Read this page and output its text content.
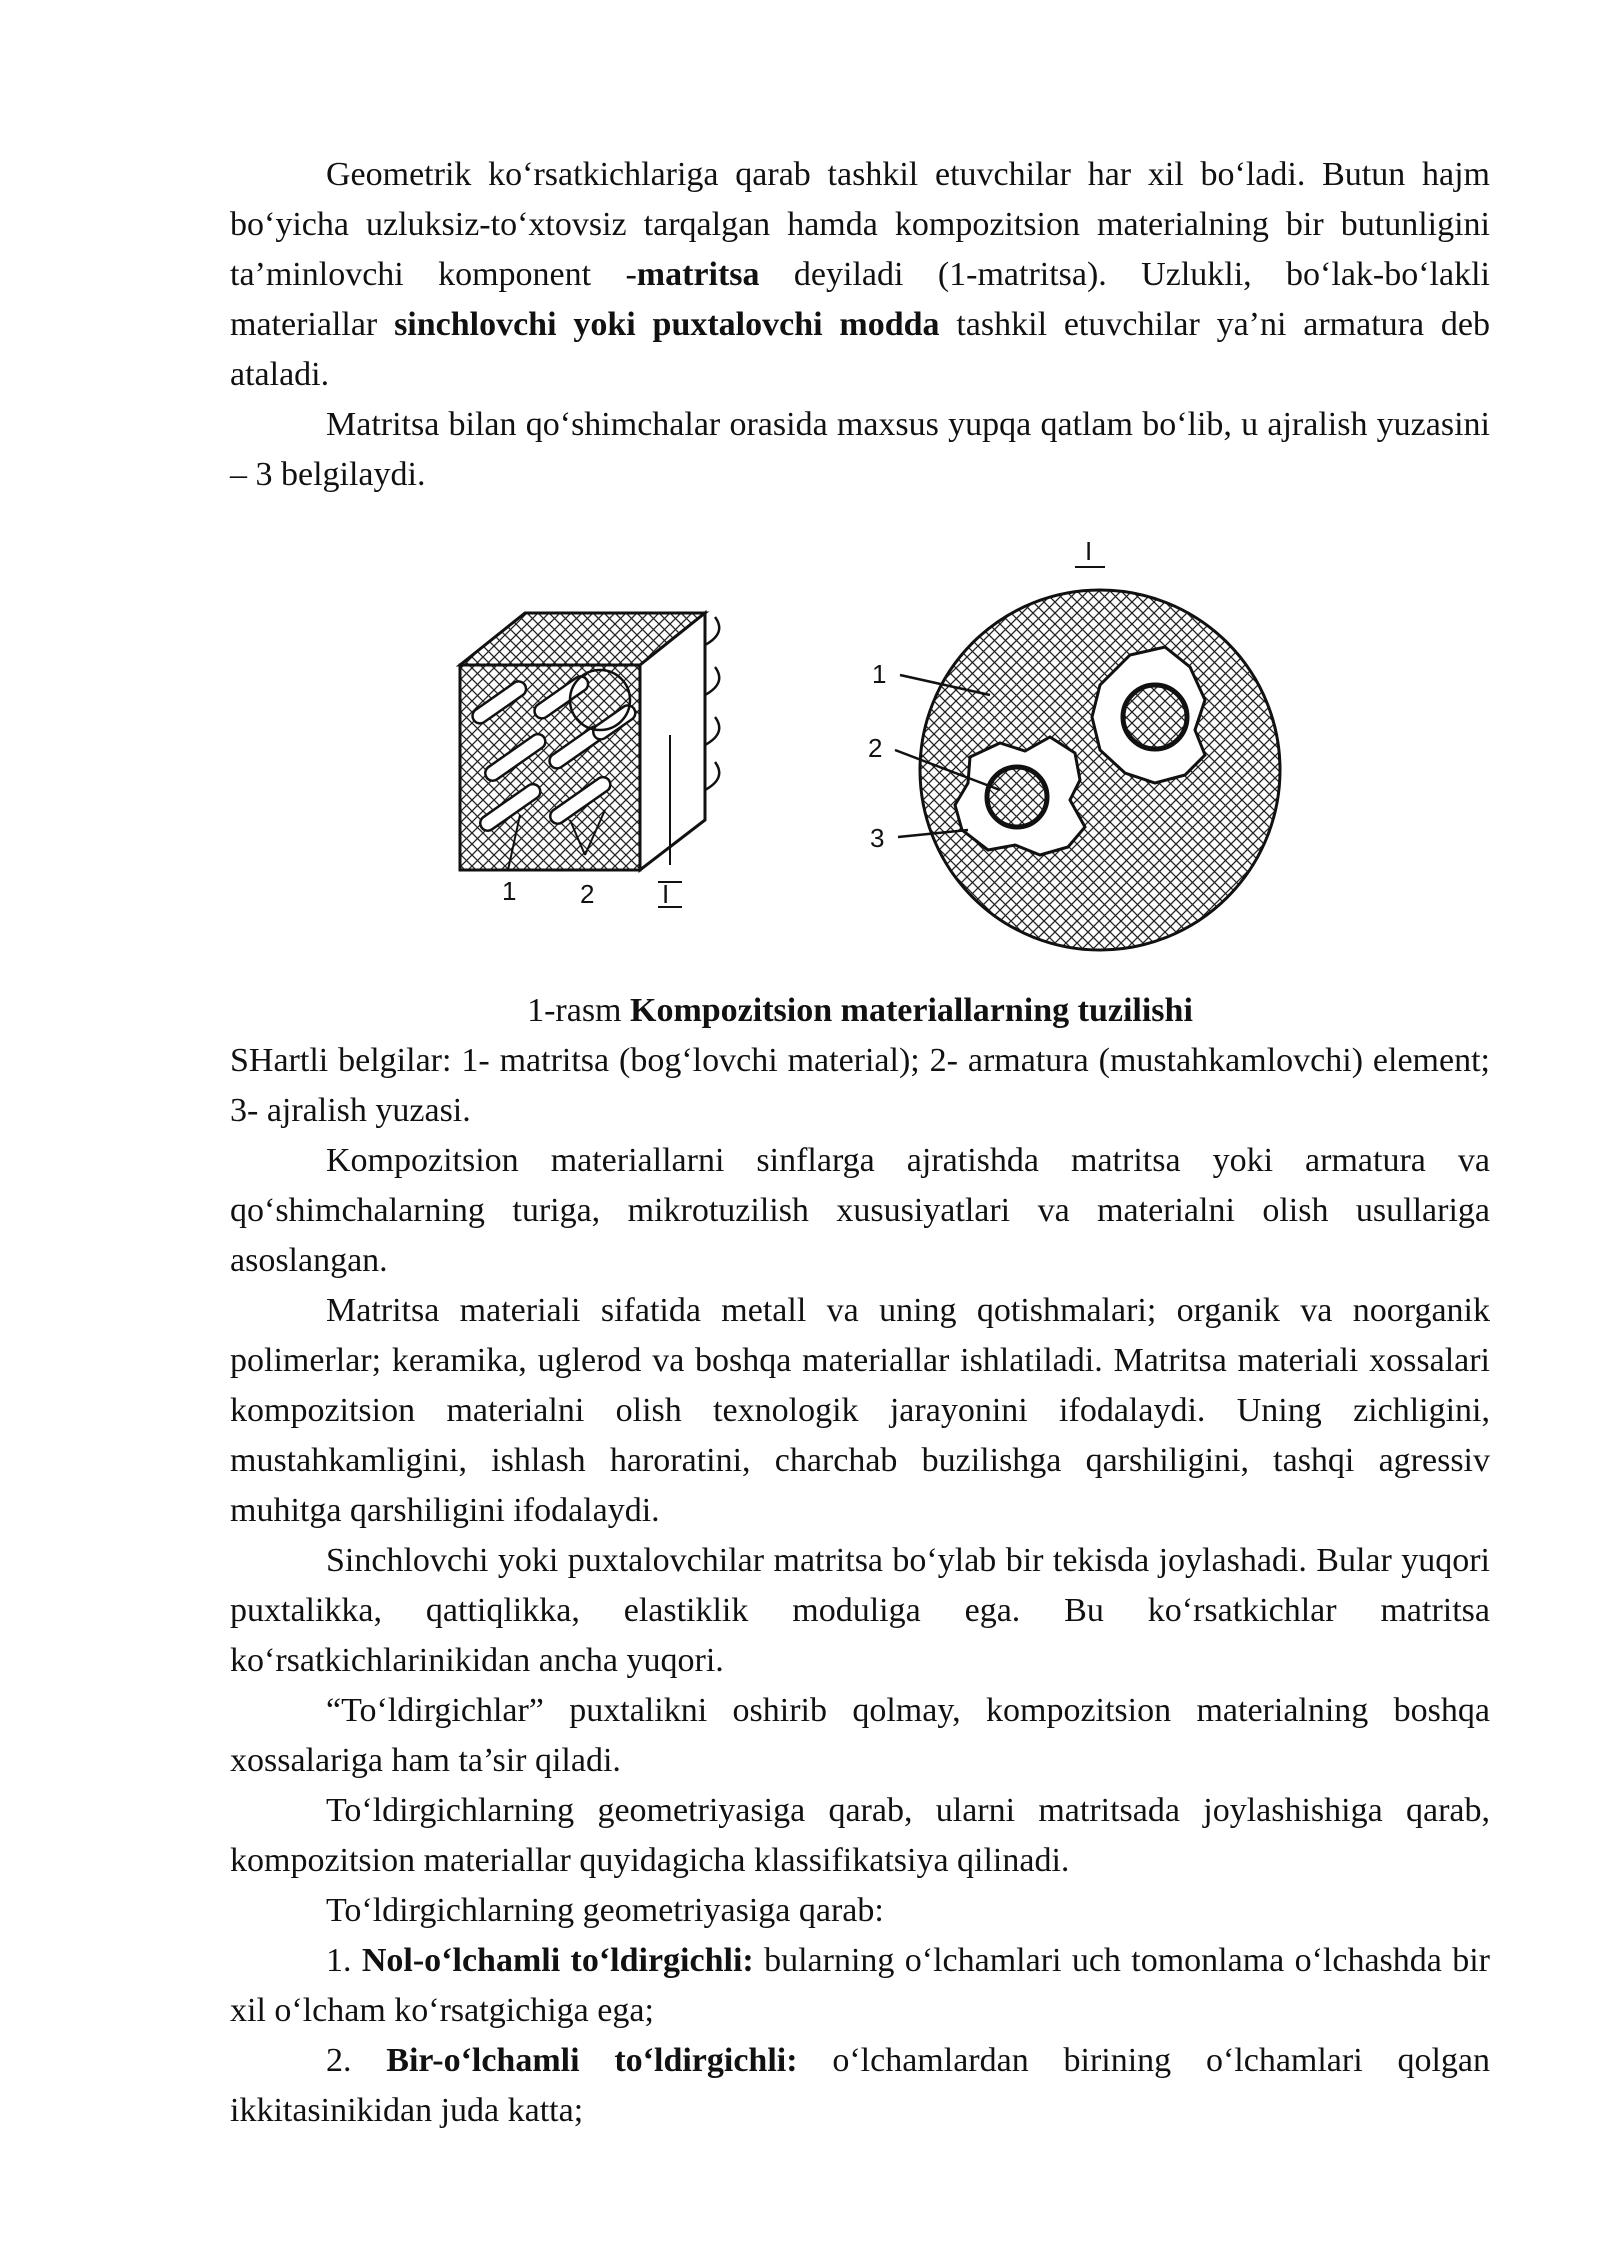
Geometrik ko‘rsatkichlariga qarab tashkil etuvchilar har xil bo‘ladi. Butun hajm bo‘yicha uzluksiz-to‘xtovsiz tarqalgan hamda kompozitsion materialning bir butunligini ta’minlovchi komponent -matritsa deyiladi (1-matritsa). Uzlukli, bo‘lak-bo‘lakli materiallar sinchlovchi yoki puxtalovchi modda tashkil etuvchilar ya’ni armatura deb ataladi.

Matritsa bilan qo‘shimchalar orasida maxsus yupqa qatlam bo‘lib, u ajralish yuzasini – 3 belgilaydi.

1 2	I
I
1
2
3

1-rasm Kompozitsion materiallarning tuzilishi

SHartli belgilar: 1- matritsa (bog‘lovchi material); 2- armatura (mustahkamlovchi) element; 3- ajralish yuzasi.

Kompozitsion materiallarni sinflarga ajratishda matritsa yoki armatura va qo‘shimchalarning turiga, mikrotuzilish xususiyatlari va materialni olish usullariga asoslangan.

Matritsa materiali sifatida metall va uning qotishmalari; organik va noorganik polimerlar; keramika, uglerod va boshqa materiallar ishlatiladi. Matritsa materiali xossalari kompozitsion materialni olish texnologik jarayonini ifodalaydi. Uning zichligini, mustahkamligini, ishlash haroratini, charchab buzilishga qarshiligini, tashqi agressiv muhitga qarshiligini ifodalaydi.

Sinchlovchi yoki puxtalovchilar matritsa bo‘ylab bir tekisda joylashadi. Bular yuqori puxtalikka, qattiqlikka, elastiklik moduliga ega. Bu ko‘rsatkichlar matritsa ko‘rsatkichlarinikidan ancha yuqori.

“To‘ldirgichlar” puxtalikni oshirib qolmay, kompozitsion materialning boshqa xossalariga ham ta’sir qiladi.

To‘ldirgichlarning geometriyasiga qarab, ularni matritsada joylashishiga qarab, kompozitsion materiallar quyidagicha klassifikatsiya qilinadi.

To‘ldirgichlarning geometriyasiga qarab:

1. Nol-o‘lchamli to‘ldirgichli: bularning o‘lchamlari uch tomonlama o‘lchashda bir xil o‘lcham ko‘rsatgichiga ega;

2. Bir-o‘lchamli to‘ldirgichli: o‘lchamlardan birining o‘lchamlari qolgan ikkitasinikidan juda katta;
